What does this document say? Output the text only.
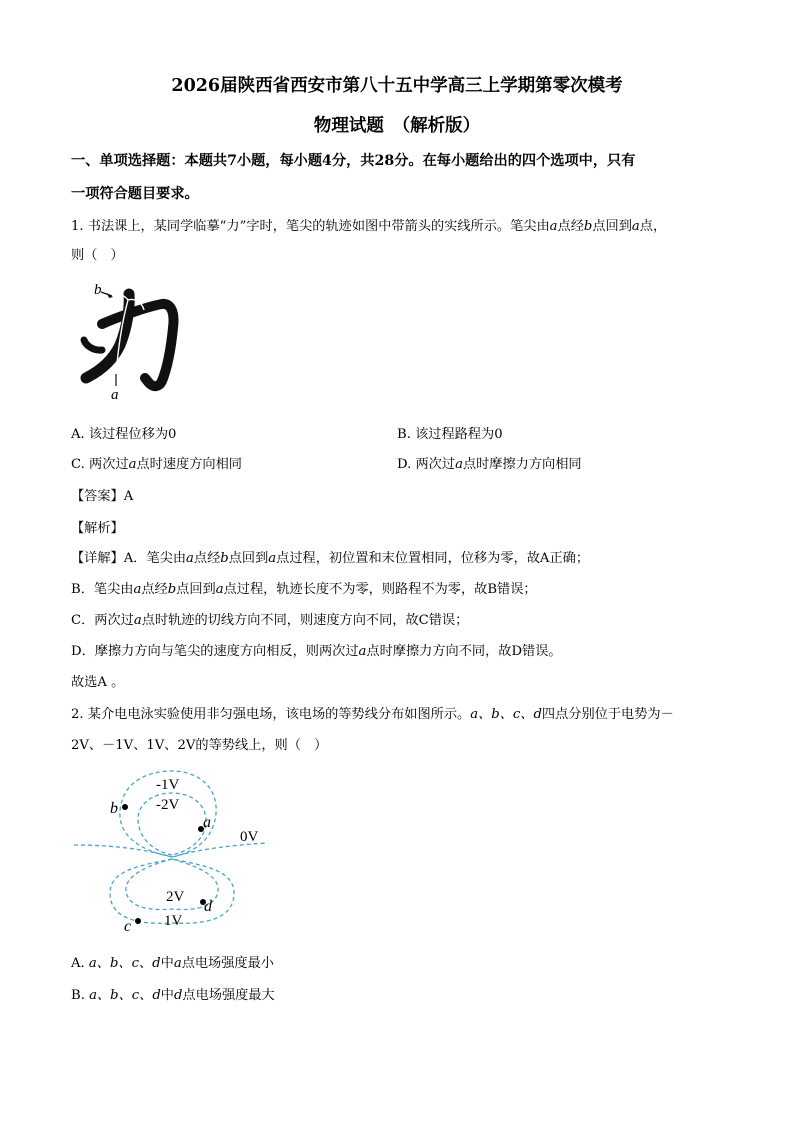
2026届陕西省西安市第八十五中学高三上学期第零次模考
物理试题　（解析版）
一、单项选择题：本题共7小题，每小题4分，共28分。在每小题给出的四个选项中，只有
一项符合题目要求。
1. 书法课上，某同学临摹“力”字时，笔尖的轨迹如图中带箭头的实线所示。笔尖由a点经b点回到a点，
则（　）
b
a
A. 该过程位移为0	B. 该过程路程为0
C. 两次过a点时速度方向相同	D. 两次过a点时摩擦力方向相同
【答案】A
【解析】
【详解】A．笔尖由a点经b点回到a点过程，初位置和末位置相同，位移为零，故A正确；
B．笔尖由a点经b点回到a点过程，轨迹长度不为零，则路程不为零，故B错误；
C．两次过a点时轨迹的切线方向不同，则速度方向不同，故C错误；
D．摩擦力方向与笔尖的速度方向相反，则两次过a点时摩擦力方向不同，故D错误。
故选A 。
2. 某介电电泳实验使用非匀强电场，该电场的等势线分布如图所示。a、b、c、d四点分别位于电势为－
2V、－1V、1V、2V的等势线上，则（　）
-1V
-2V
0V
2V
1V
b
a
d
c
A. a、b、c、d中a点电场强度最小
B. a、b、c、d中d点电场强度最大
